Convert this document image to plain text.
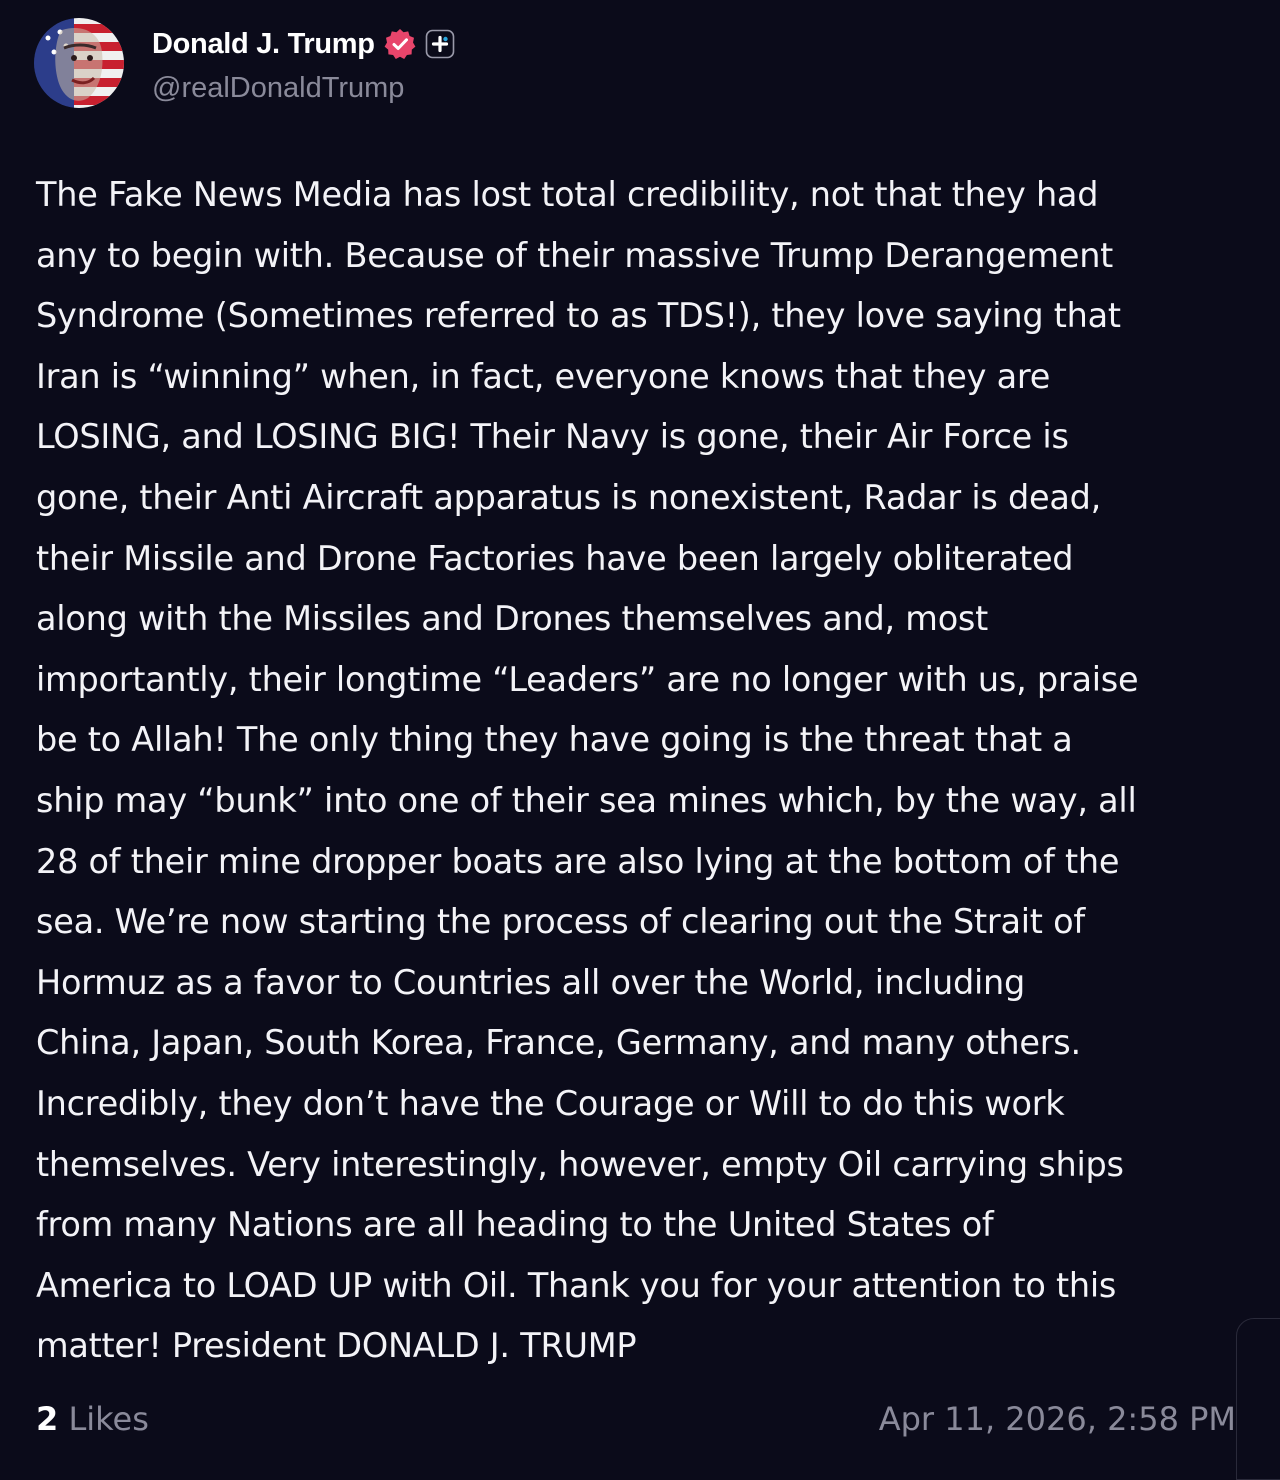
Donald J. Trump
@realDonaldTrump
The Fake News Media has lost total credibility, not that they had
any to begin with. Because of their massive Trump Derangement
Syndrome (Sometimes referred to as TDS!), they love saying that
Iran is “winning” when, in fact, everyone knows that they are
LOSING, and LOSING BIG! Their Navy is gone, their Air Force is
gone, their Anti Aircraft apparatus is nonexistent, Radar is dead,
their Missile and Drone Factories have been largely obliterated
along with the Missiles and Drones themselves and, most
importantly, their longtime “Leaders” are no longer with us, praise
be to Allah! The only thing they have going is the threat that a
ship may “bunk” into one of their sea mines which, by the way, all
28 of their mine dropper boats are also lying at the bottom of the
sea. We’re now starting the process of clearing out the Strait of
Hormuz as a favor to Countries all over the World, including
China, Japan, South Korea, France, Germany, and many others.
Incredibly, they don’t have the Courage or Will to do this work
themselves. Very interestingly, however, empty Oil carrying ships
from many Nations are all heading to the United States of
America to LOAD UP with Oil. Thank you for your attention to this
matter! President DONALD J. TRUMP
2 Likes	Apr 11, 2026, 2:58 PM
